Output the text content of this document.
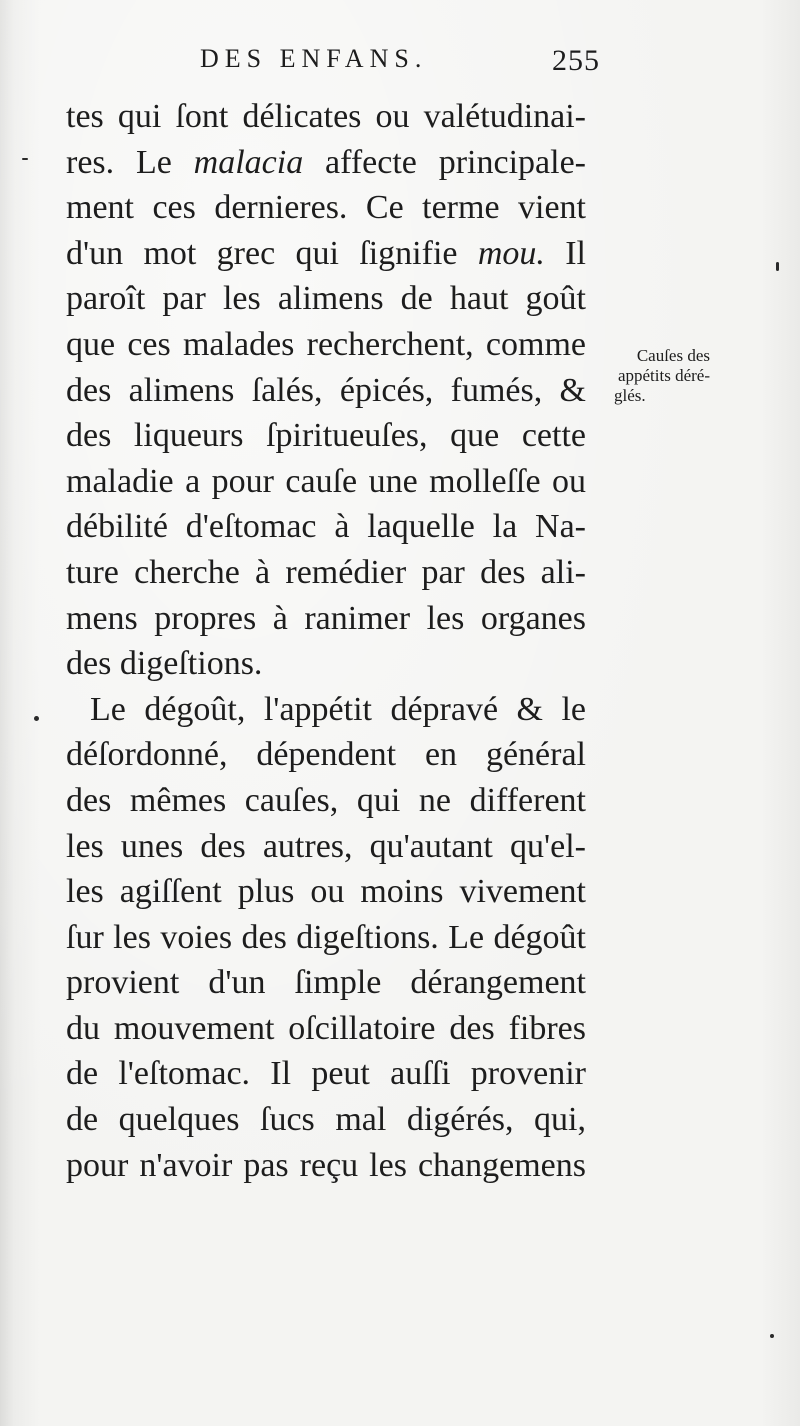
DES ENFANS.	255
tes qui ſont délicates ou valétudinai-
res. Le malacia affecte principale-
ment ces dernieres. Ce terme vient
d'un mot grec qui ſignifie mou. Il
paroît par les alimens de haut goût
que ces malades recherchent, comme
des alimens ſalés, épicés, fumés, &
des liqueurs ſpiritueuſes, que cette
maladie a pour cauſe une molleſſe ou
débilité d'eſtomac à laquelle la Na-
ture cherche à remédier par des ali-
mens propres à ranimer les organes
des digeſtions.
Le dégoût, l'appétit dépravé & le
déſordonné, dépendent en général
des mêmes cauſes, qui ne different
les unes des autres, qu'autant qu'el-
les agiſſent plus ou moins vivement
ſur les voies des digeſtions. Le dégoût
provient d'un ſimple dérangement
du mouvement oſcillatoire des fibres
de l'eſtomac. Il peut auſſi provenir
de quelques ſucs mal digérés, qui,
pour n'avoir pas reçu les changemens
Cauſes des
appétits déré-
glés.
